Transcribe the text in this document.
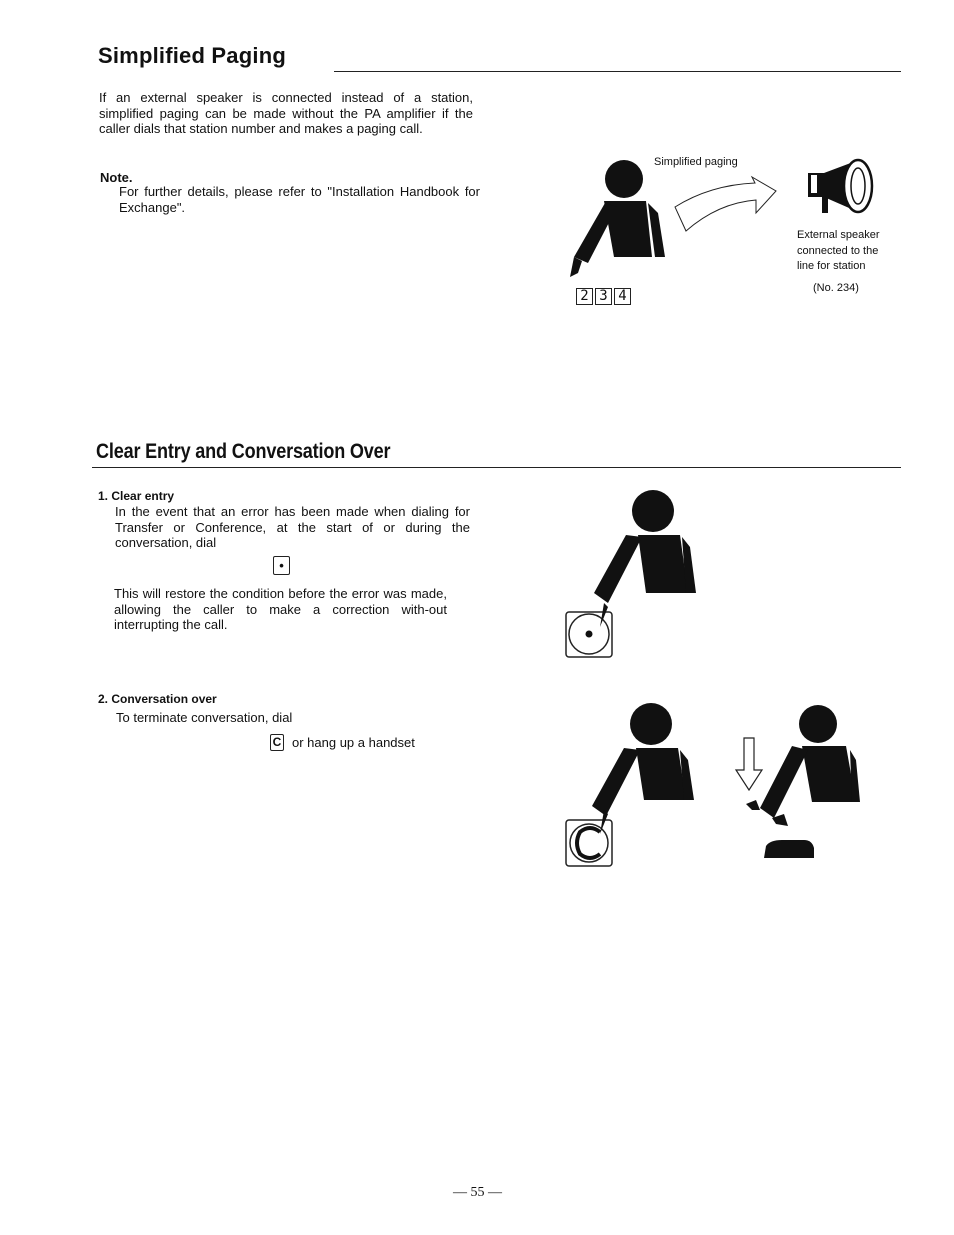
Simplified Paging
If an external speaker is connected instead of a station, simplified paging can be made without the PA amplifier if the caller dials that station number and makes a paging call.
Note.
For further details, please refer to "Installation Handbook for Exchange".
Simplified paging
External speaker
connected to the
line for station
(No. 234)
2 3 4
Clear Entry and Conversation Over
1. Clear entry
In the event that an error has been made when dialing for Transfer or Conference, at the start of or during the conversation, dial
•
This will restore the condition before the error was made, allowing the caller to make a correction with-out interrupting the call.
2. Conversation over
To terminate conversation, dial
C or hang up a handset
— 55 —
